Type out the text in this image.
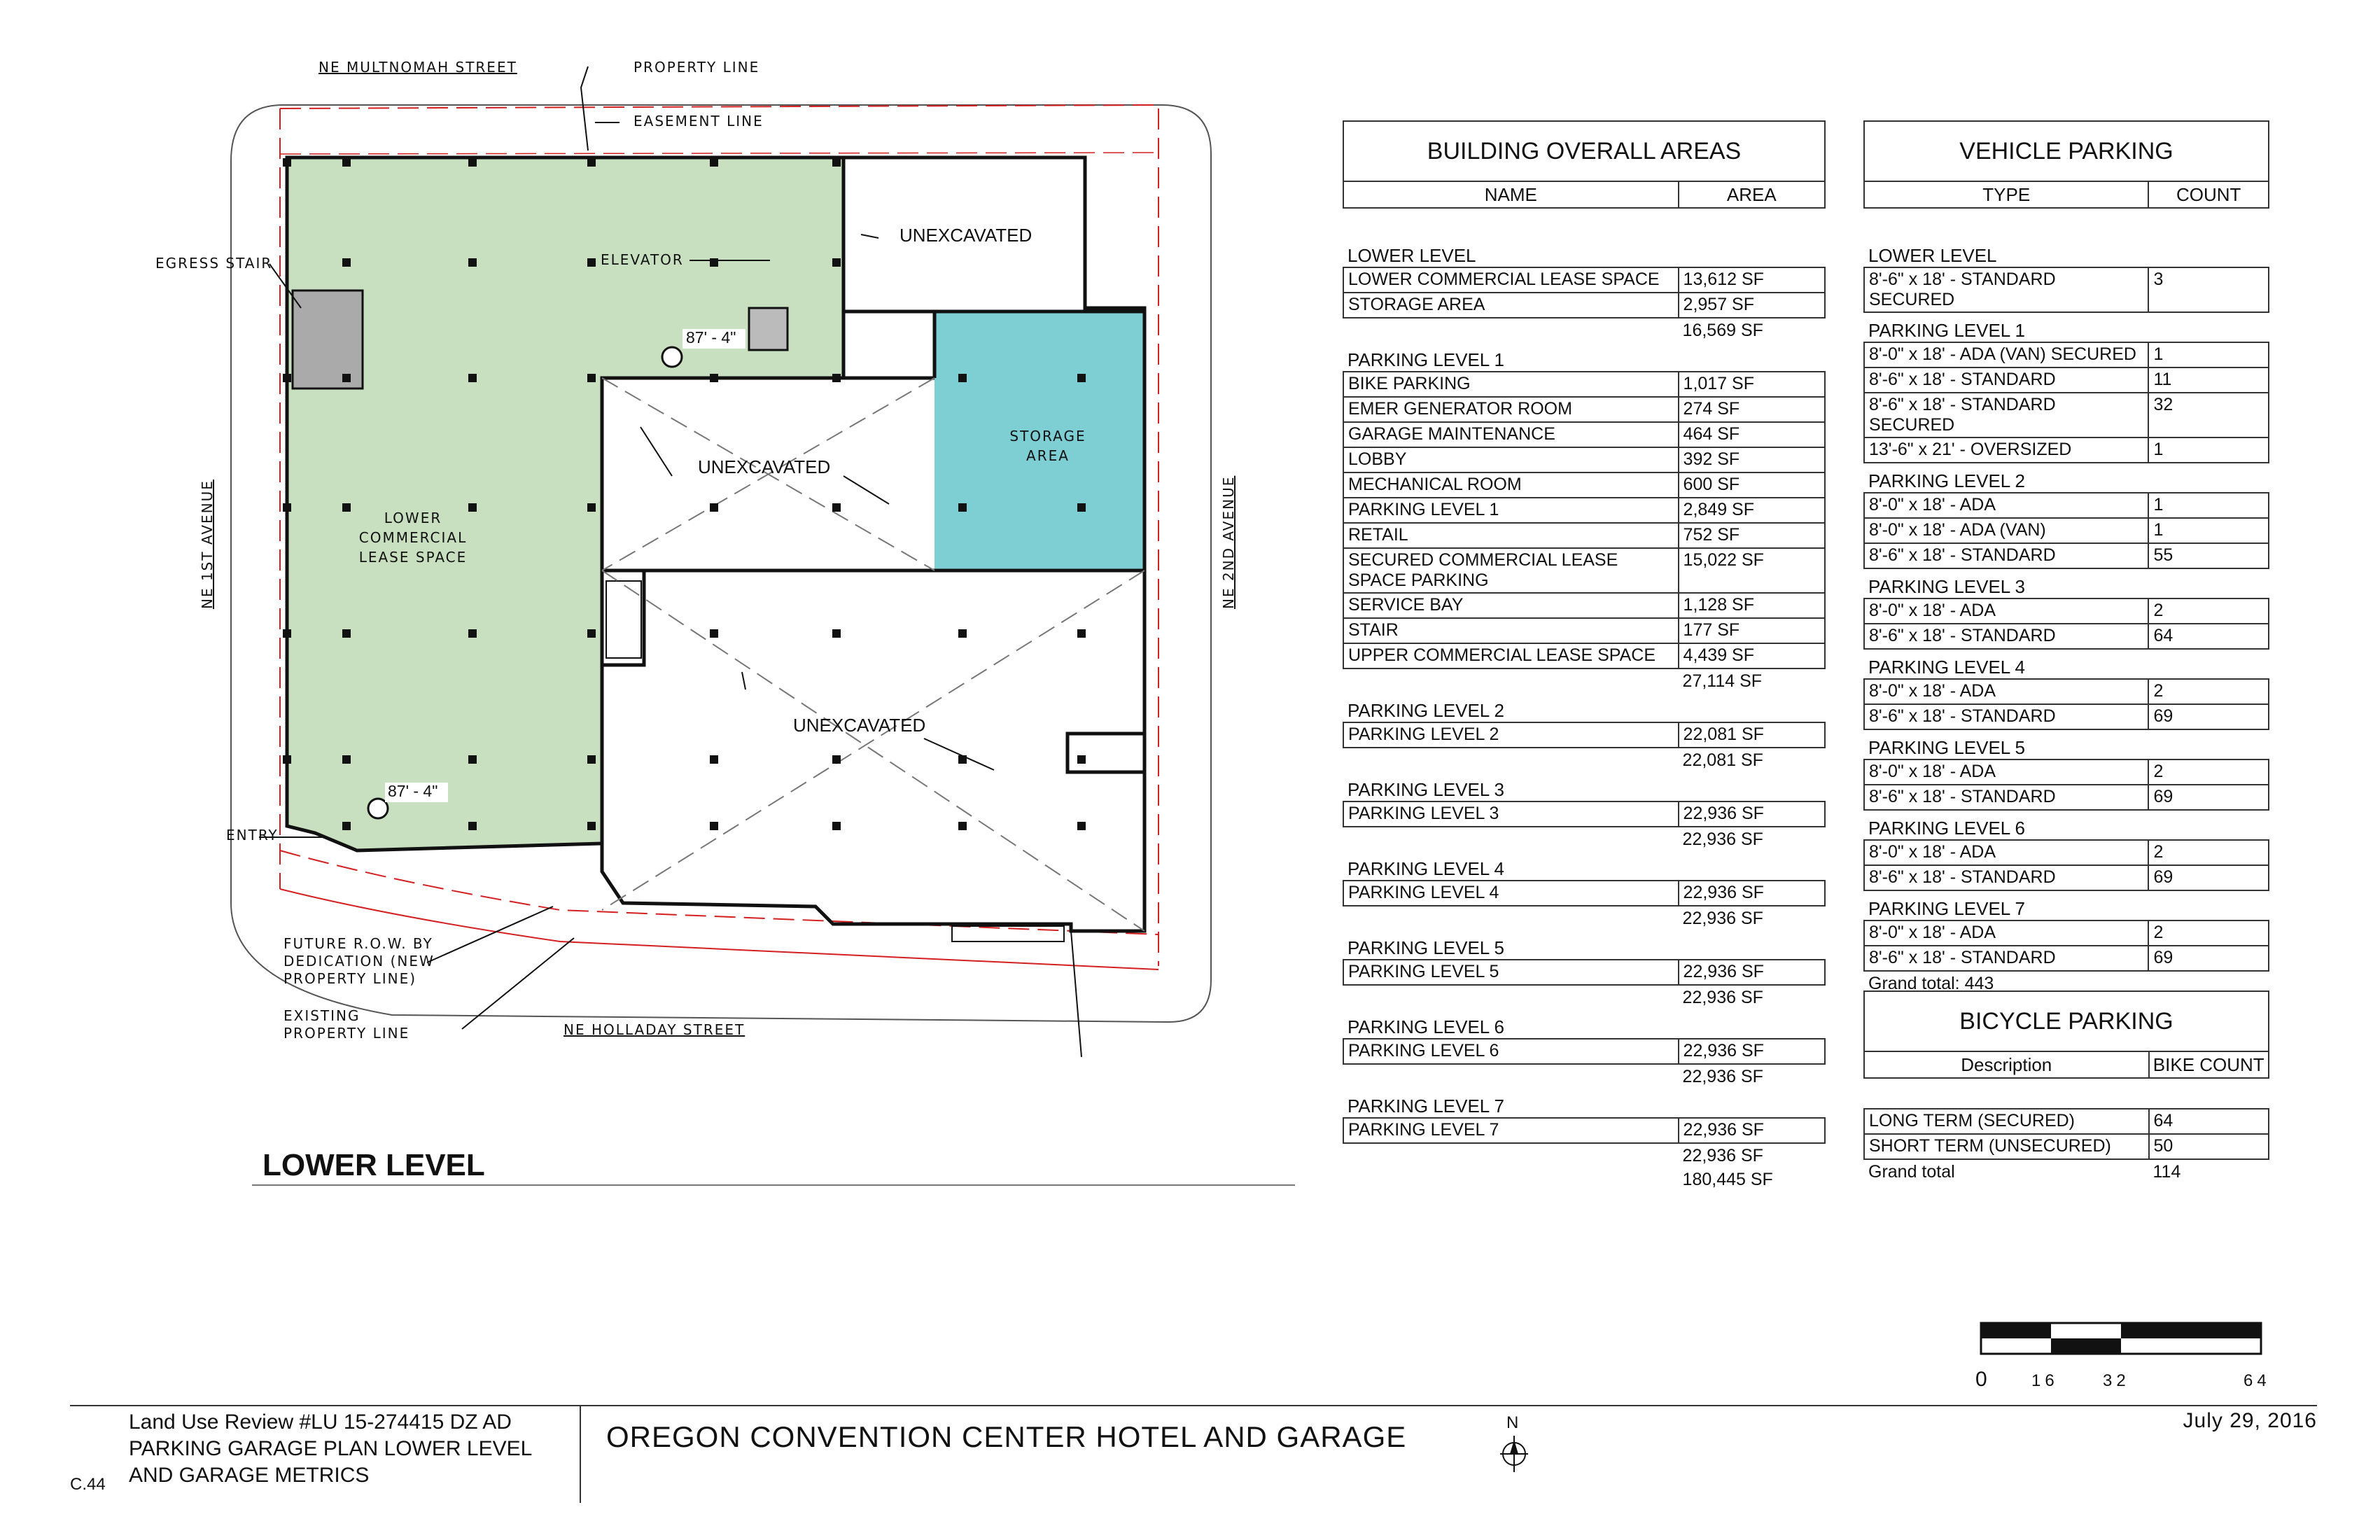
NE MULTNOMAH STREET	PROPERTY LINE
EASEMENT LINE
EGRESS STAIR	ELEVATOR
ENTRY
FUTURE R.O.W. BY
DEDICATION (NEW
PROPERTY LINE)
EXISTING
PROPERTY LINE	NE HOLLADAY STREET
NE 1ST AVENUE	NE 2ND AVENUE
LOWER
COMMERCIAL
LEASE SPACE
STORAGE
AREA
UNEXCAVATED
UNEXCAVATED
UNEXCAVATED
87' - 4"
87' - 4"
LOWER LEVEL
BUILDING OVERALL AREAS	
NAME	AREA

LOWER LEVEL	
LOWER COMMERCIAL LEASE SPACE	13,612 SF
STORAGE AREA	2,957 SF
	16,569 SF
PARKING LEVEL 1	
BIKE PARKING	1,017 SF
EMER GENERATOR ROOM	274 SF
GARAGE MAINTENANCE	464 SF
LOBBY	392 SF
MECHANICAL ROOM	600 SF
PARKING LEVEL 1	2,849 SF
RETAIL	752 SF
SECURED COMMERCIAL LEASE SPACE PARKING	15,022 SF
SERVICE BAY	1,128 SF
STAIR	177 SF
UPPER COMMERCIAL LEASE SPACE	4,439 SF
	27,114 SF
PARKING LEVEL 2	
PARKING LEVEL 2	22,081 SF
	22,081 SF
PARKING LEVEL 3	
PARKING LEVEL 3	22,936 SF
	22,936 SF
PARKING LEVEL 4	
PARKING LEVEL 4	22,936 SF
	22,936 SF
PARKING LEVEL 5	
PARKING LEVEL 5	22,936 SF
	22,936 SF
PARKING LEVEL 6	
PARKING LEVEL 6	22,936 SF
	22,936 SF
PARKING LEVEL 7	
PARKING LEVEL 7	22,936 SF
	22,936 SF
	180,445 SF
VEHICLE PARKING	
TYPE	COUNT

LOWER LEVEL	
8'-6" x 18' - STANDARD SECURED	3
PARKING LEVEL 1	
8'-0" x 18' - ADA (VAN) SECURED	1
8'-6" x 18' - STANDARD	11
8'-6" x 18' - STANDARD SECURED	32
13'-6" x 21' - OVERSIZED	1
PARKING LEVEL 2	
8'-0" x 18' - ADA	1
8'-0" x 18' - ADA (VAN)	1
8'-6" x 18' - STANDARD	55
PARKING LEVEL 3	
8'-0" x 18' - ADA	2
8'-6" x 18' - STANDARD	64
PARKING LEVEL 4	
8'-0" x 18' - ADA	2
8'-6" x 18' - STANDARD	69
PARKING LEVEL 5	
8'-0" x 18' - ADA	2
8'-6" x 18' - STANDARD	69
PARKING LEVEL 6	
8'-0" x 18' - ADA	2
8'-6" x 18' - STANDARD	69
PARKING LEVEL 7	
8'-0" x 18' - ADA	2
8'-6" x 18' - STANDARD	69
Grand total: 443	
BICYCLE PARKING	
Description	BIKE COUNT

LONG TERM (SECURED)	64
SHORT TERM (UNSECURED)	50
Grand total	114
0	16	32	64
Land Use Review #LU 15-274415 DZ AD
PARKING GARAGE PLAN LOWER LEVEL
AND GARAGE METRICS
C.44
OREGON CONVENTION CENTER HOTEL AND GARAGE	N	July 29, 2016
